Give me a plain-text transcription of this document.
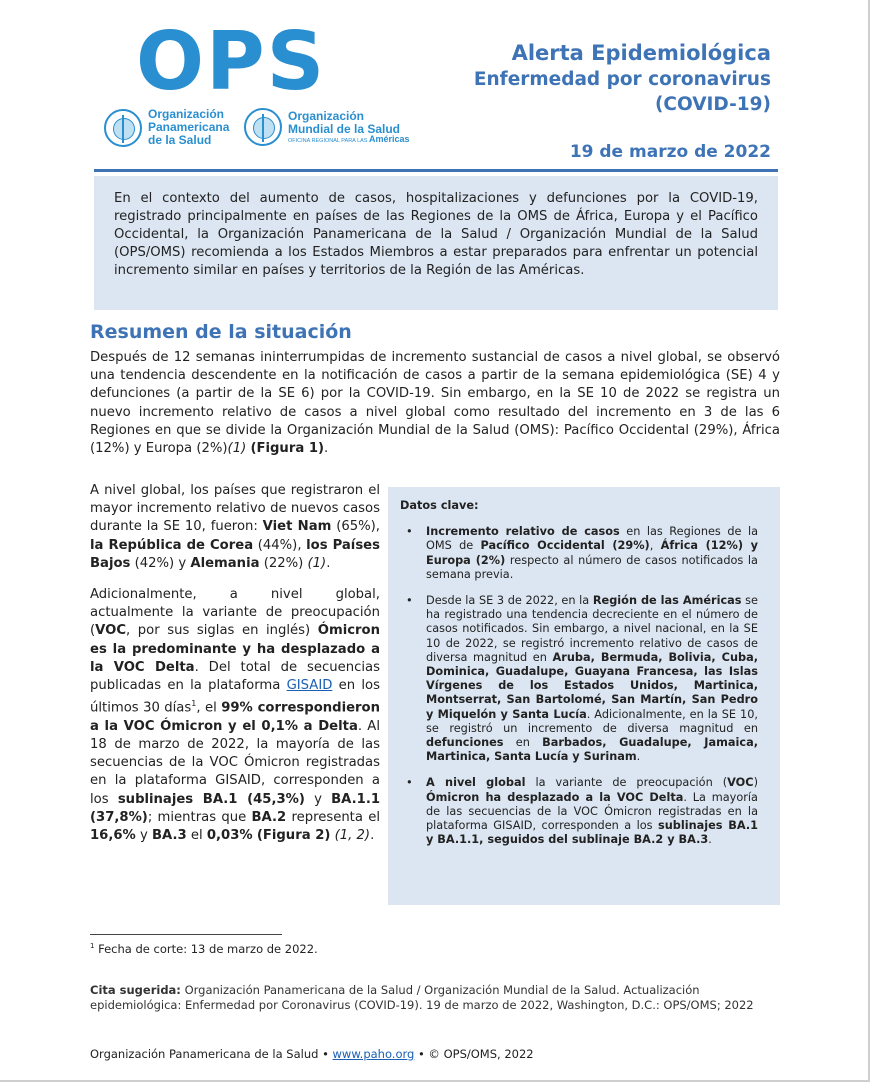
OPS
Organización
Panamericana
de la Salud
Organización
Mundial de la Salud
OFICINA REGIONAL PARA LAS Américas
Alerta Epidemiológica
Enfermedad por coronavirus
(COVID-19)
19 de marzo de 2022
En el contexto del aumento de casos, hospitalizaciones y defunciones por la COVID-19, registrado principalmente en países de las Regiones de la OMS de África, Europa y el Pacífico Occidental, la Organización Panamericana de la Salud / Organización Mundial de la Salud (OPS/OMS) recomienda a los Estados Miembros a estar preparados para enfrentar un potencial incremento similar en países y territorios de la Región de las Américas.
Resumen de la situación
Después de 12 semanas ininterrumpidas de incremento sustancial de casos a nivel global, se observó una tendencia descendente en la notificación de casos a partir de la semana epidemiológica (SE) 4 y defunciones (a partir de la SE 6) por la COVID-19. Sin embargo, en la SE 10 de 2022 se registra un nuevo incremento relativo de casos a nivel global como resultado del incremento en 3 de las 6 Regiones en que se divide la Organización Mundial de la Salud (OMS): Pacífico Occidental (29%), África (12%) y Europa (2%)(1) (Figura 1).

A nivel global, los países que registraron el mayor incremento relativo de nuevos casos durante la SE 10, fueron: Viet Nam (65%), la República de Corea (44%), los Países Bajos (42%) y Alemania (22%) (1).

Adicionalmente, a nivel global, actualmente la variante de preocupación (VOC, por sus siglas en inglés) Ómicron es la predominante y ha desplazado a la VOC Delta. Del total de secuencias publicadas en la plataforma GISAID en los últimos 30 días$^1$, el 99% correspondieron a la VOC Ómicron y el 0,1% a Delta. Al 18 de marzo de 2022, la mayoría de las secuencias de la VOC Ómicron registradas en la plataforma GISAID, corresponden a los sublinajes BA.1 (45,3%) y BA.1.1 (37,8%); mientras que BA.2 representa el 16,6% y BA.3 el 0,03% (Figura 2) (1, 2).

Datos clave:
• Incremento relativo de casos en las Regiones de la OMS de Pacífico Occidental (29%), África (12%) y Europa (2%) respecto al número de casos notificados la semana previa.
• Desde la SE 3 de 2022, en la Región de las Américas se ha registrado una tendencia decreciente en el número de casos notificados. Sin embargo, a nivel nacional, en la SE 10 de 2022, se registró incremento relativo de casos de diversa magnitud en Aruba, Bermuda, Bolivia, Cuba, Dominica, Guadalupe, Guayana Francesa, las Islas Vírgenes de los Estados Unidos, Martinica, Montserrat, San Bartolomé, San Martín, San Pedro y Miquelón y Santa Lucía. Adicionalmente, en la SE 10, se registró un incremento de diversa magnitud en defunciones en Barbados, Guadalupe, Jamaica, Martinica, Santa Lucía y Surinam.
• A nivel global la variante de preocupación (VOC) Ómicron ha desplazado a la VOC Delta. La mayoría de las secuencias de la VOC Ómicron registradas en la plataforma GISAID, corresponden a los sublinajes BA.1 y BA.1.1, seguidos del sublinaje BA.2 y BA.3.
$^1$ Fecha de corte: 13 de marzo de 2022.
Cita sugerida: Organización Panamericana de la Salud / Organización Mundial de la Salud. Actualización epidemiológica: Enfermedad por Coronavirus (COVID-19). 19 de marzo de 2022, Washington, D.C.: OPS/OMS; 2022
Organización Panamericana de la Salud • www.paho.org • © OPS/OMS, 2022
